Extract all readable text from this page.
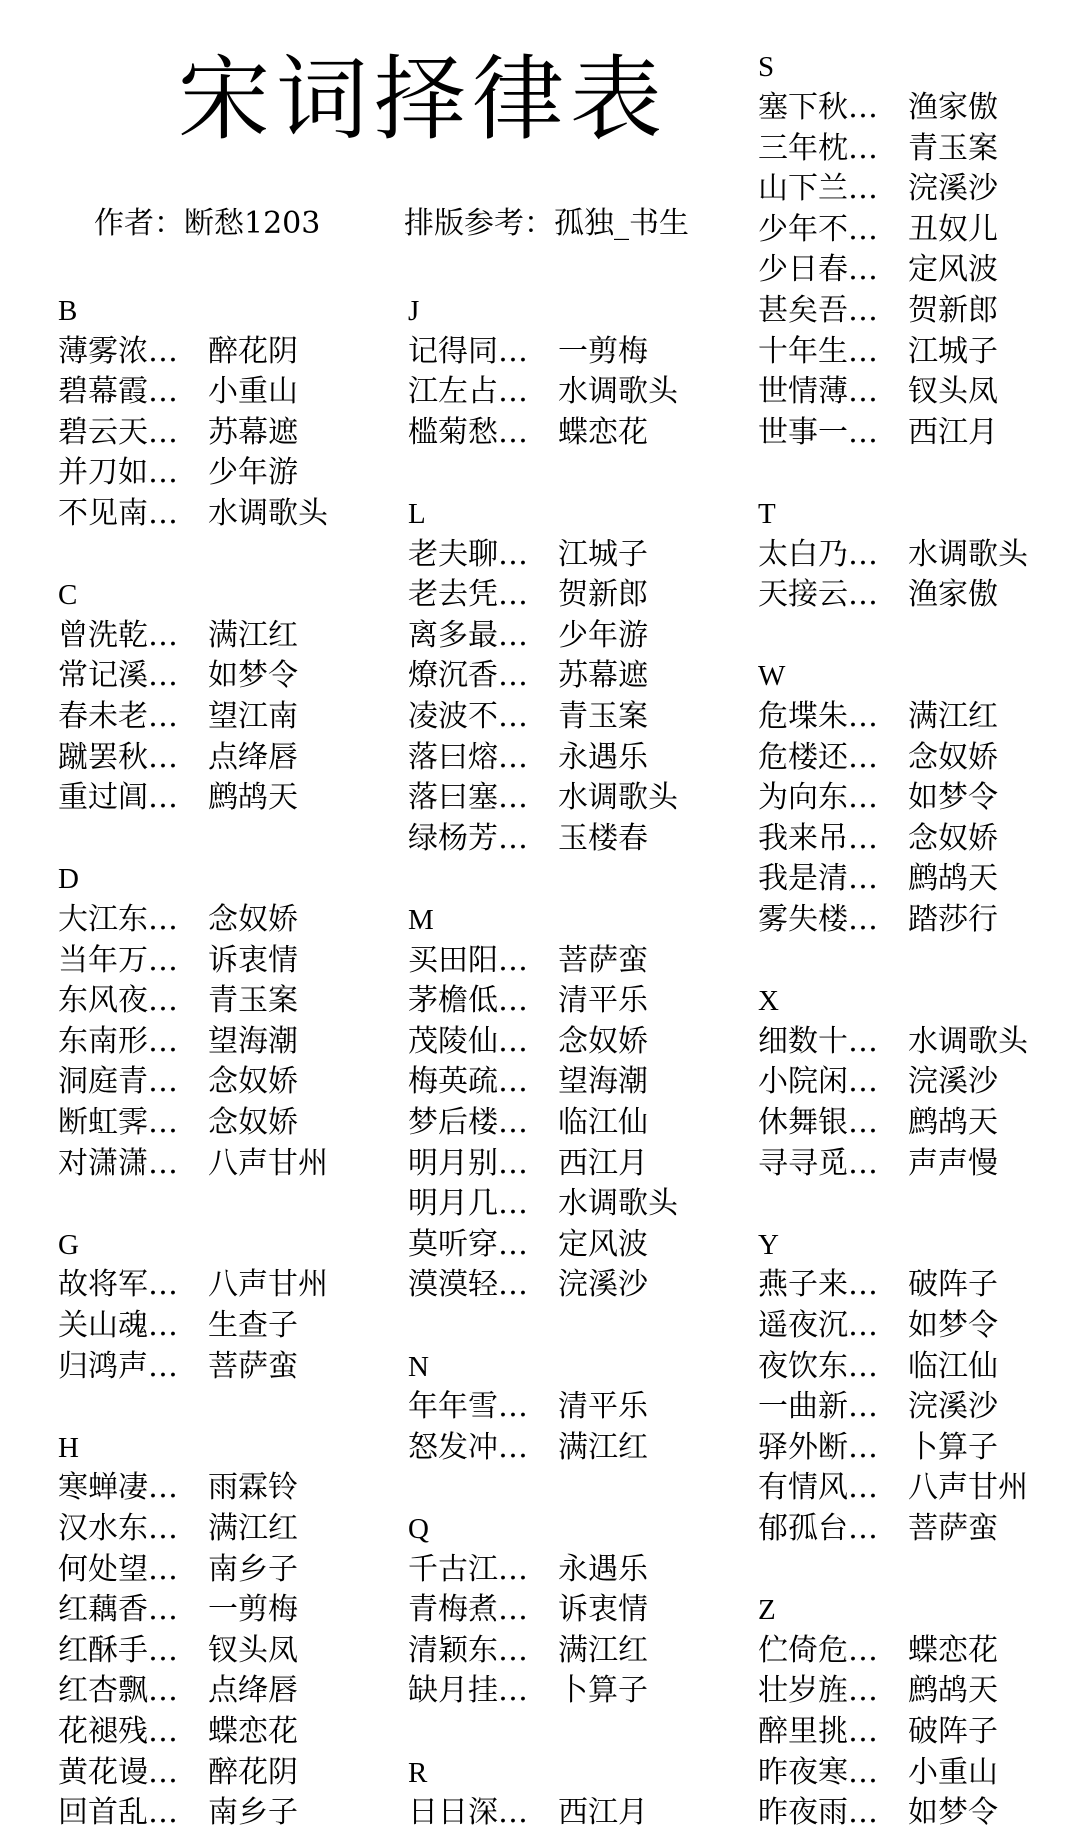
宋词择律表
作者：断愁1203	排版参考：孤独_书生
B
薄雾浓… 醉花阴
碧幕霞… 小重山
碧云天… 苏幕遮
并刀如… 少年游
不见南… 水调歌头
C
曾洗乾… 满江红
常记溪… 如梦令
春未老… 望江南
蹴罢秋… 点绛唇
重过阊… 鹧鸪天
D
大江东… 念奴娇
当年万… 诉衷情
东风夜… 青玉案
东南形… 望海潮
洞庭青… 念奴娇
断虹霁… 念奴娇
对潇潇… 八声甘州
G
故将军… 八声甘州
关山魂… 生查子
归鸿声… 菩萨蛮
H
寒蝉凄… 雨霖铃
汉水东… 满江红
何处望… 南乡子
红藕香… 一剪梅
红酥手… 钗头凤
红杏飘… 点绛唇
花褪残… 蝶恋花
黄花谩… 醉花阴
回首乱… 南乡子
J
记得同… 一剪梅
江左占… 水调歌头
槛菊愁… 蝶恋花
L
老夫聊… 江城子
老去凭… 贺新郎
离多最… 少年游
燎沉香… 苏幕遮
凌波不… 青玉案
落曰熔… 永遇乐
落曰塞… 水调歌头
绿杨芳… 玉楼春
M
买田阳… 菩萨蛮
茅檐低… 清平乐
茂陵仙… 念奴娇
梅英疏… 望海潮
梦后楼… 临江仙
明月别… 西江月
明月几… 水调歌头
莫听穿… 定风波
漠漠轻… 浣溪沙
N
年年雪… 清平乐
怒发冲… 满江红
Q
千古江… 永遇乐
青梅煮… 诉衷情
清颖东… 满江红
缺月挂… 卜算子
R
日日深… 西江月
S
塞下秋… 渔家傲
三年枕… 青玉案
山下兰… 浣溪沙
少年不… 丑奴儿
少日春… 定风波
甚矣吾… 贺新郎
十年生… 江城子
世情薄… 钗头凤
世事一… 西江月
T
太白乃… 水调歌头
天接云… 渔家傲
W
危堞朱… 满江红
危楼还… 念奴娇
为向东… 如梦令
我来吊… 念奴娇
我是清… 鹧鸪天
雾失楼… 踏莎行
X
细数十… 水调歌头
小院闲… 浣溪沙
休舞银… 鹧鸪天
寻寻觅… 声声慢
Y
燕子来… 破阵子
遥夜沉… 如梦令
夜饮东… 临江仙
一曲新… 浣溪沙
驿外断… 卜算子
有情风… 八声甘州
郁孤台… 菩萨蛮
Z
伫倚危… 蝶恋花
壮岁旌… 鹧鸪天
醉里挑… 破阵子
昨夜寒… 小重山
昨夜雨… 如梦令
